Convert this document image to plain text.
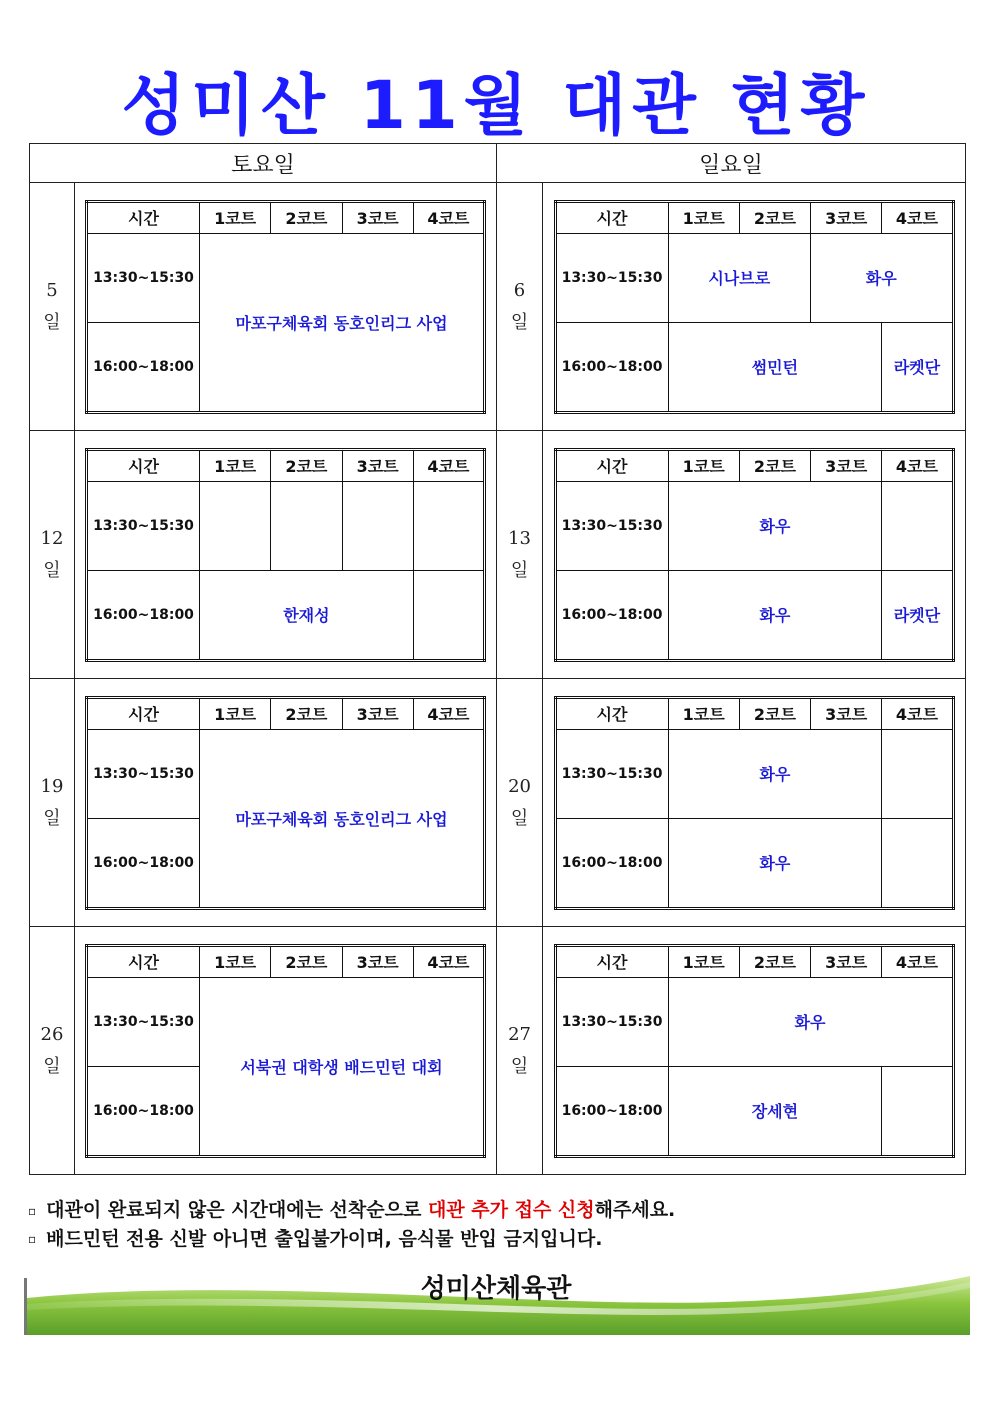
성미산 11월 대관 현황
토요일	일요일

5
일

시간	1코트	2코트	3코트	4코트
13:30~15:30	마포구체육회 동호인리그 사업
16:00~18:00

6
일

시간	1코트	2코트	3코트	4코트
13:30~15:30	시나브로	화우
16:00~18:00	썸민턴	라켓단

12
일

시간	1코트	2코트	3코트	4코트
13:30~15:30				
16:00~18:00	한재성	

13
일

시간	1코트	2코트	3코트	4코트
13:30~15:30	화우	
16:00~18:00	화우	라켓단

19
일

시간	1코트	2코트	3코트	4코트
13:30~15:30	마포구체육회 동호인리그 사업
16:00~18:00

20
일

시간	1코트	2코트	3코트	4코트
13:30~15:30	화우	
16:00~18:00	화우	

26
일

시간	1코트	2코트	3코트	4코트
13:30~15:30	서북권 대학생 배드민턴 대회
16:00~18:00

27
일

시간	1코트	2코트	3코트	4코트
13:30~15:30	화우
16:00~18:00	장세현	
▫ 대관이 완료되지 않은 시간대에는 선착순으로 대관 추가 접수 신청해주세요.
▫ 배드민턴 전용 신발 아니면 출입불가이며, 음식물 반입 금지입니다.
성미산체육관
